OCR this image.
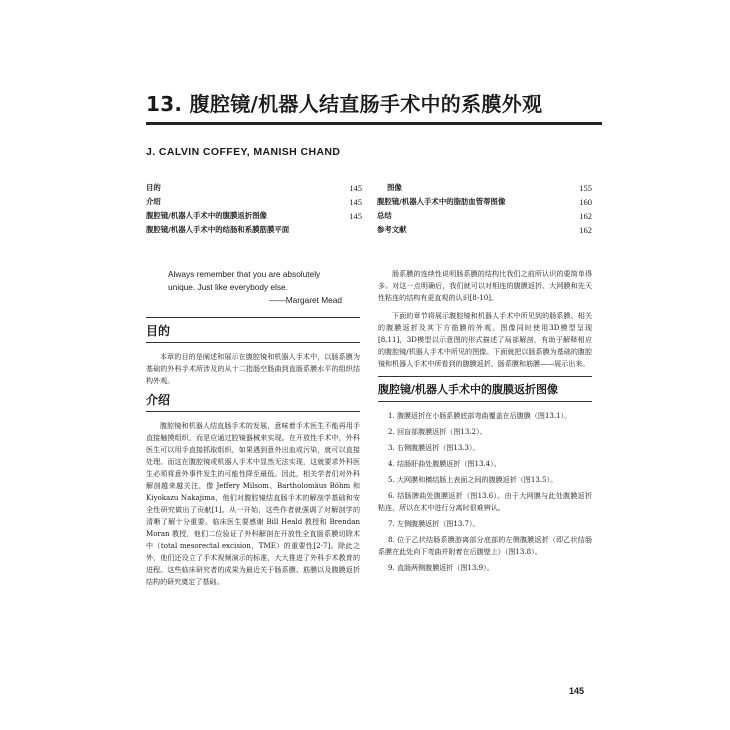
13. 腹腔镜/机器人结直肠手术中的系膜外观
J. CALVIN COFFEY, MANISH CHAND
目的	145
介绍	145
腹腔镜/机器人手术中的腹膜返折图像	145
腹腔镜/机器人手术中的结肠和系膜筋膜平面
图像	155
腹腔镜/机器人手术中的脂肪血管蒂图像	160
总结	162
参考文献	162
Always remember that you are absolutely
unique. Just like everybody else.
——Margaret Mead
目的

本章的目的是阐述和展示在腹腔镜和机器人手术中，以肠系膜为基础的外科手术所涉及的从十二指肠空肠曲到直肠系膜水平的组织结构外观。

介绍

腹腔镜和机器人结直肠手术的发展，意味着手术医生不能再用手直接触摸组织，而是应通过腔镜器械来实现。在开放性手术中，外科医生可以用手直接抓取组织，如果遇到意外出血或污染，就可以直接处理。而这在腹腔镜或机器人手术中显然无法实现，这就要求外科医生必须将意外事件发生的可能性降至最低。因此，相关学者们对外科解剖越来越关注，像 Jeffery Milsom、Bartholomäus Böhm 和 Kiyokazu Nakajima，他们对腹腔镜结直肠手术的解剖学基础和安全性研究做出了贡献[1]。从一开始，这些作者就强调了对解剖学的清晰了解十分重要。临床医生要感谢 Bill Heald 教授和 Brendan Moran 教授，他们二位验证了外科解剖在开放性全直肠系膜切除术中（total mesorectal excision，TME）的重要性[2-7]。除此之外，他们还设立了手术视频演示的标准，大大推进了外科手术教育的进程。这些临床研究者的成果为最近关于肠系膜、筋膜以及腹膜返折结构的研究奠定了基础。

肠系膜的连续性说明肠系膜的结构比我们之前所认识的要简单得多。对这一点明确后，我们就可以对相连的腹膜返折、大网膜和先天性粘连的结构有更直观的认识[8-10]。

下面的章节将展示腹腔镜和机器人手术中所见到的肠系膜、相关的腹膜返折及其下方筋膜的外观。图像同时使用3D模型呈现[8,11]，3D模型以示意图的形式描述了局部解剖，有助于解释相应的腹腔镜/机器人手术中所见的图像。下面就把以肠系膜为基础的腹腔镜和机器人手术中所看到的腹膜返折、肠系膜和筋膜——展示出来。

腹腔镜/机器人手术中的腹膜返折图像

1. 腹膜返折在小肠系膜底部弯曲覆盖在后腹膜（图13.1）。

2. 回盲部腹膜返折（图13.2）。

3. 右侧腹膜返折（图13.3）。

4. 结肠肝曲处腹膜返折（图13.4）。

5. 大网膜和横结肠上表面之间的腹膜返折（图13.5）。

6. 结肠脾曲处腹膜返折（图13.6）。由于大网膜与此处腹膜返折粘连，所以在术中进行分离时很难辨认。

7. 左侧腹膜返折（图13.7）。

8. 位于乙状结肠系膜游离部分底部的左侧腹膜返折（即乙状结肠系膜在此处向下弯曲并附着在后腹壁上）（图13.8）。

9. 直肠两侧腹膜返折（图13.9）。

145
